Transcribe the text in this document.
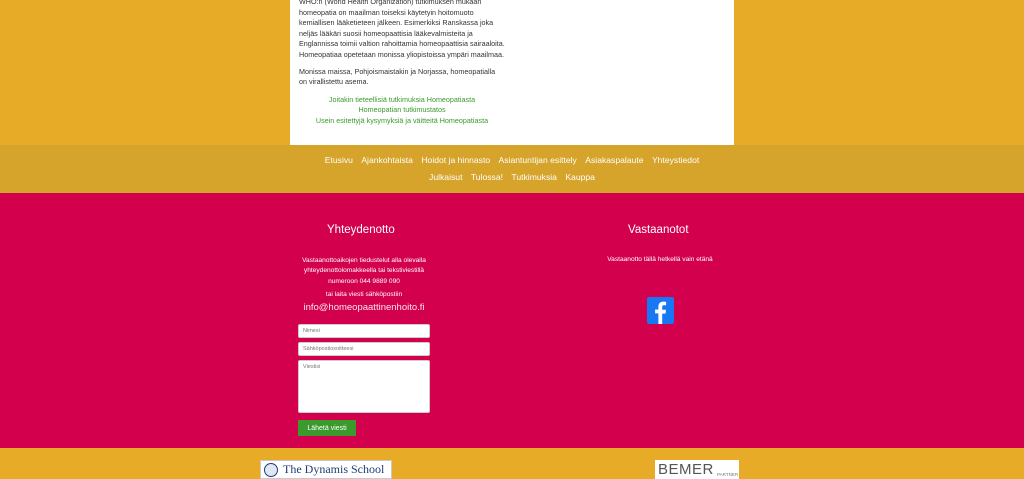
WHO:n (World Health Organization) tutkimuksen mukaan homeopatia on maailman toiseksi käytetyin hoitomuoto kemiallisen lääketieteen jälkeen. Esimerkiksi Ranskassa joka neljäs lääkäri suosii homeopaattisia lääkevalmisteita ja Englannissa toimii valtion rahoittamia homeopaattisia sairaaloita. Homeopatiaa opetetaan monissa yliopistoissa ympäri maailmaa.

Monissa maissa, Pohjoismaistakin ja Norjassa, homeopatialla on virallistettu asema.

Joitakin tieteellisiä tutkimuksia Homeopatiasta
Homeopatian tutkimustatos
Usein esitettyjä kysymyksiä ja väitteitä Homeopatiasta
Etusivu Ajankohtaista Hoidot ja hinnasto Asiantuntijan esittely Asiakaspalaute Yhteystiedot
Julkaisut Tulossa! Tutkimuksia Kauppa
Yhteydenotto
Vastaanottoaikojen tiedustelut alla olevalla yhteydenottolomakkeella tai tekstiviestillä numeroon 044 9889 090
tai laita viesti sähköpostiin
info@homeopaattinenhoito.fi
Nimesi
Sähköpostiosoitteesi
Viestisi
Lähetä viesti
Vastaanotot
Vastaanotto tällä hetkellä vain etänä
The Dynamis School	BEMER PARTNER
